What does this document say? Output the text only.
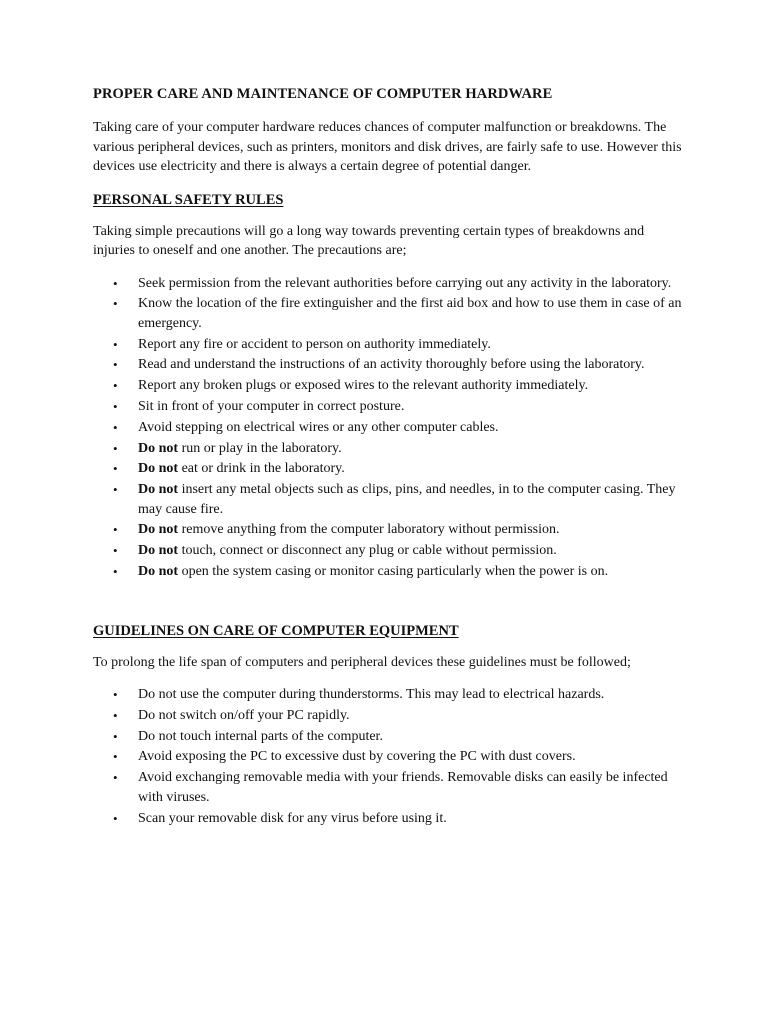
PROPER CARE AND MAINTENANCE OF COMPUTER HARDWARE

Taking care of your computer hardware reduces chances of computer malfunction or breakdowns. The various peripheral devices, such as printers, monitors and disk drives, are fairly safe to use. However this devices use electricity and there is always a certain degree of potential danger.

PERSONAL SAFETY RULES

Taking simple precautions will go a long way towards preventing certain types of breakdowns and injuries to oneself and one another. The precautions are;

• Seek permission from the relevant authorities before carrying out any activity in the laboratory.
• Know the location of the fire extinguisher and the first aid box and how to use them in case of an emergency.
• Report any fire or accident to person on authority immediately.
• Read and understand the instructions of an activity thoroughly before using the laboratory.
• Report any broken plugs or exposed wires to the relevant authority immediately.
• Sit in front of your computer in correct posture.
• Avoid stepping on electrical wires or any other computer cables.
• Do not run or play in the laboratory.
• Do not eat or drink in the laboratory.
• Do not insert any metal objects such as clips, pins, and needles, in to the computer casing. They may cause fire.
• Do not remove anything from the computer laboratory without permission.
• Do not touch, connect or disconnect any plug or cable without permission.
• Do not open the system casing or monitor casing particularly when the power is on.
GUIDELINES ON CARE OF COMPUTER EQUIPMENT

To prolong the life span of computers and peripheral devices these guidelines must be followed;

• Do not use the computer during thunderstorms. This may lead to electrical hazards.
• Do not switch on/off your PC rapidly.
• Do not touch internal parts of the computer.
• Avoid exposing the PC to excessive dust by covering the PC with dust covers.
• Avoid exchanging removable media with your friends. Removable disks can easily be infected with viruses.
• Scan your removable disk for any virus before using it.
